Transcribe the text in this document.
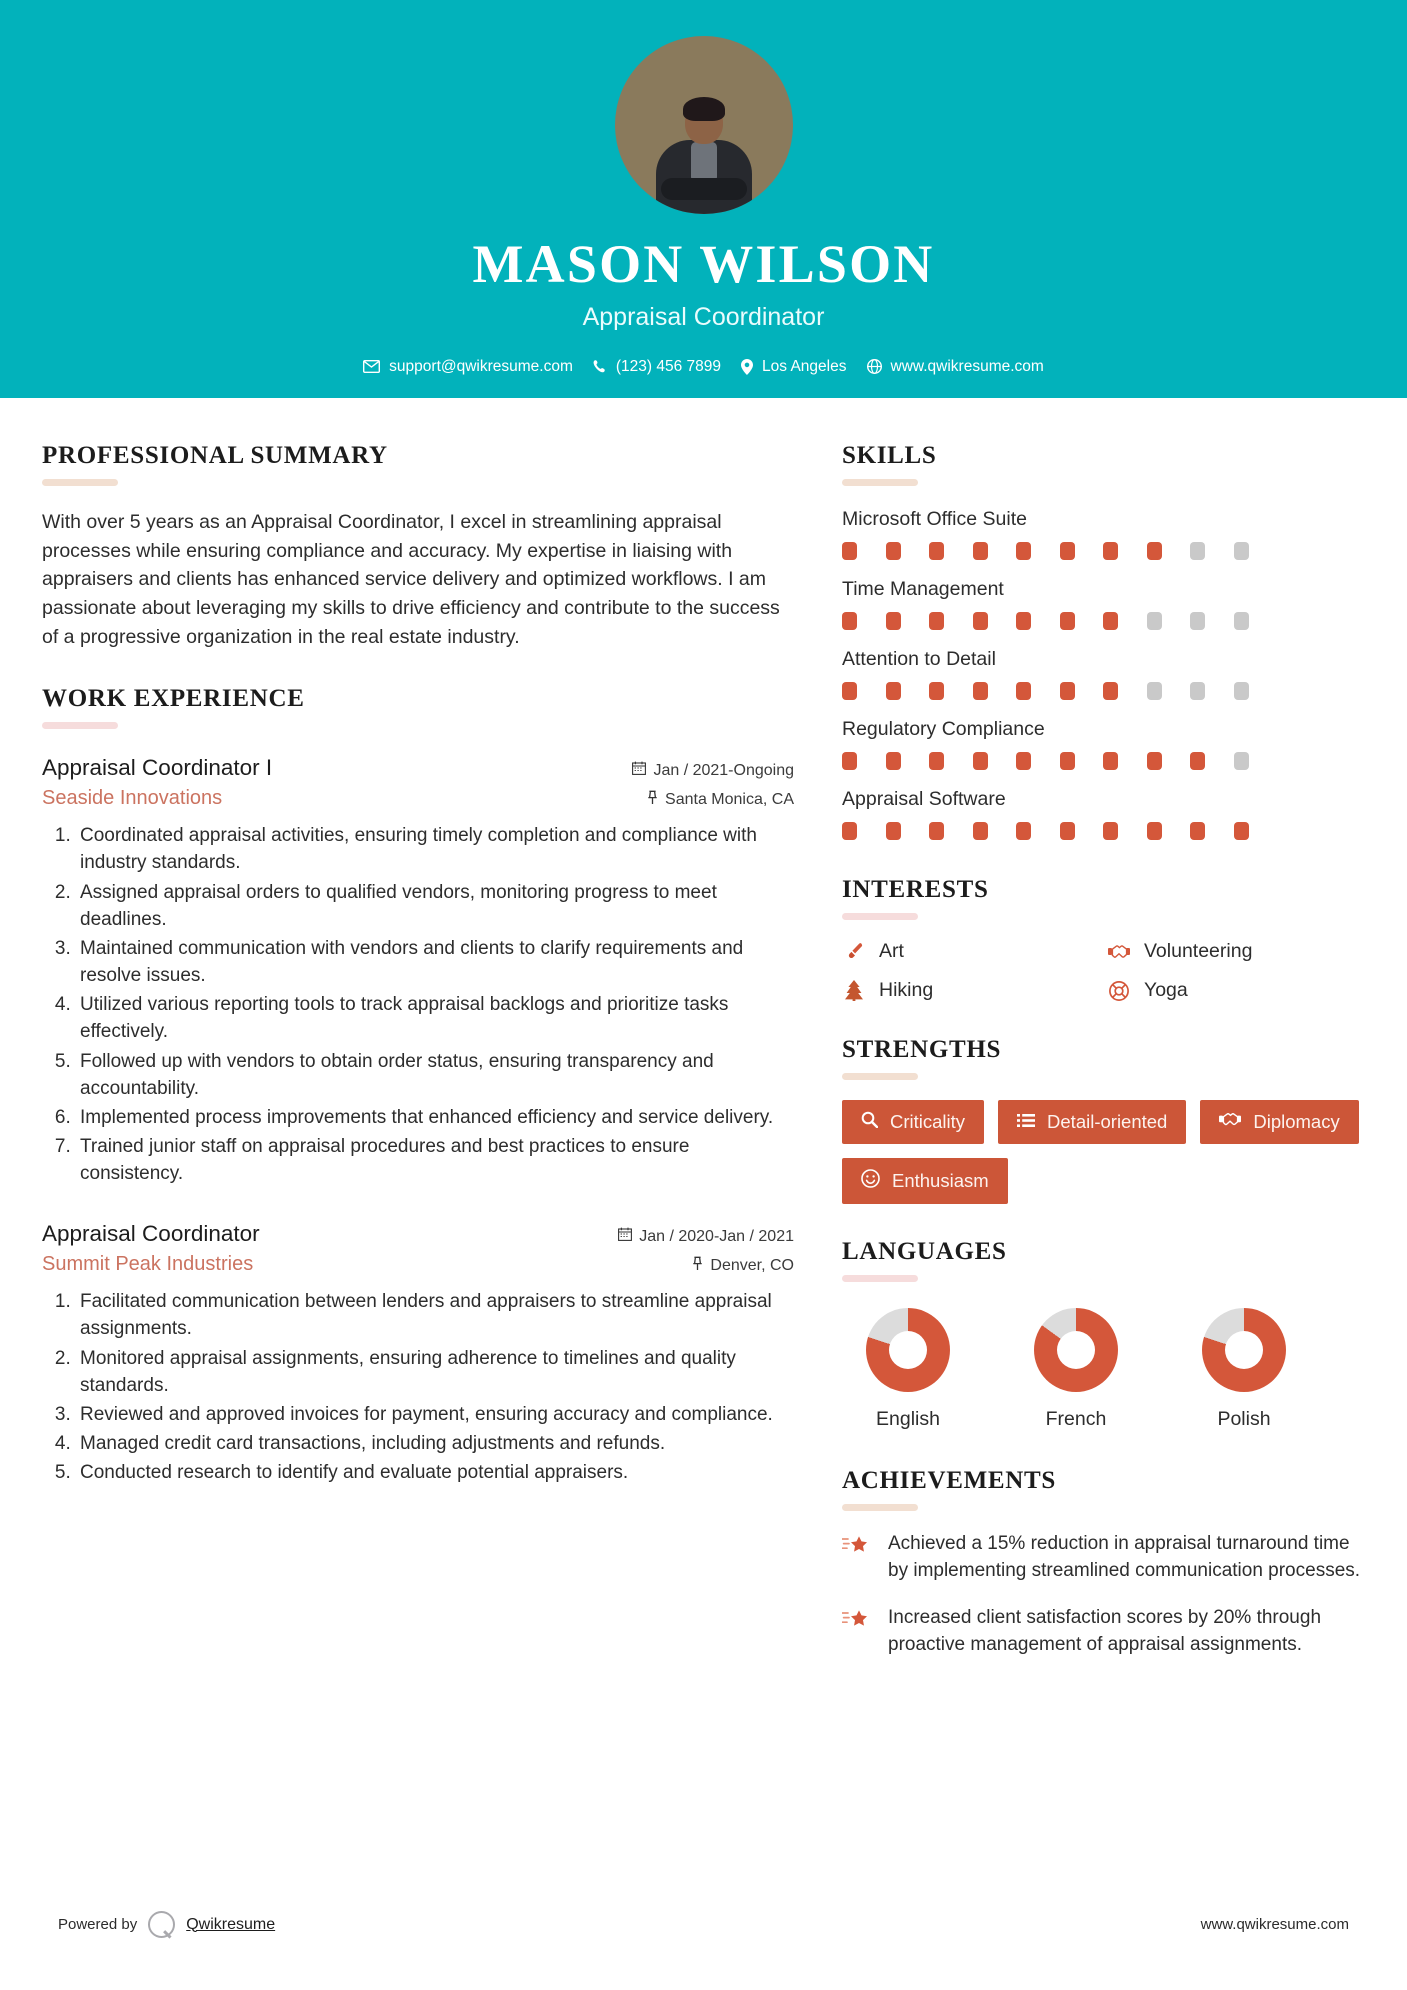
MASON WILSON
Appraisal Coordinator
support@qwikresume.com	(123) 456 7899	Los Angeles	www.qwikresume.com
PROFESSIONAL SUMMARY

With over 5 years as an Appraisal Coordinator, I excel in streamlining appraisal processes while ensuring compliance and accuracy. My expertise in liaising with appraisers and clients has enhanced service delivery and optimized workflows. I am passionate about leveraging my skills to drive efficiency and contribute to the success of a progressive organization in the real estate industry.

WORK EXPERIENCE
Appraisal Coordinator I	Jan / 2021-Ongoing
Seaside Innovations	Santa Monica, CA
1. Coordinated appraisal activities, ensuring timely completion and compliance with industry standards.
2. Assigned appraisal orders to qualified vendors, monitoring progress to meet deadlines.
3. Maintained communication with vendors and clients to clarify requirements and resolve issues.
4. Utilized various reporting tools to track appraisal backlogs and prioritize tasks effectively.
5. Followed up with vendors to obtain order status, ensuring transparency and accountability.
6. Implemented process improvements that enhanced efficiency and service delivery.
7. Trained junior staff on appraisal procedures and best practices to ensure consistency.
Appraisal Coordinator	Jan / 2020-Jan / 2021
Summit Peak Industries	Denver, CO
1. Facilitated communication between lenders and appraisers to streamline appraisal assignments.
2. Monitored appraisal assignments, ensuring adherence to timelines and quality standards.
3. Reviewed and approved invoices for payment, ensuring accuracy and compliance.
4. Managed credit card transactions, including adjustments and refunds.
5. Conducted research to identify and evaluate potential appraisers.
SKILLS
Microsoft Office Suite
Time Management
Attention to Detail
Regulatory Compliance
Appraisal Software
INTERESTS
Art	Volunteering
Hiking	Yoga
STRENGTHS
Criticality	Detail-oriented	Diplomacy
Enthusiasm
LANGUAGES
English	French	Polish
ACHIEVEMENTS
Achieved a 15% reduction in appraisal turnaround time by implementing streamlined communication processes.
Increased client satisfaction scores by 20% through proactive management of appraisal assignments.
Powered by	Qwikresume	www.qwikresume.com
